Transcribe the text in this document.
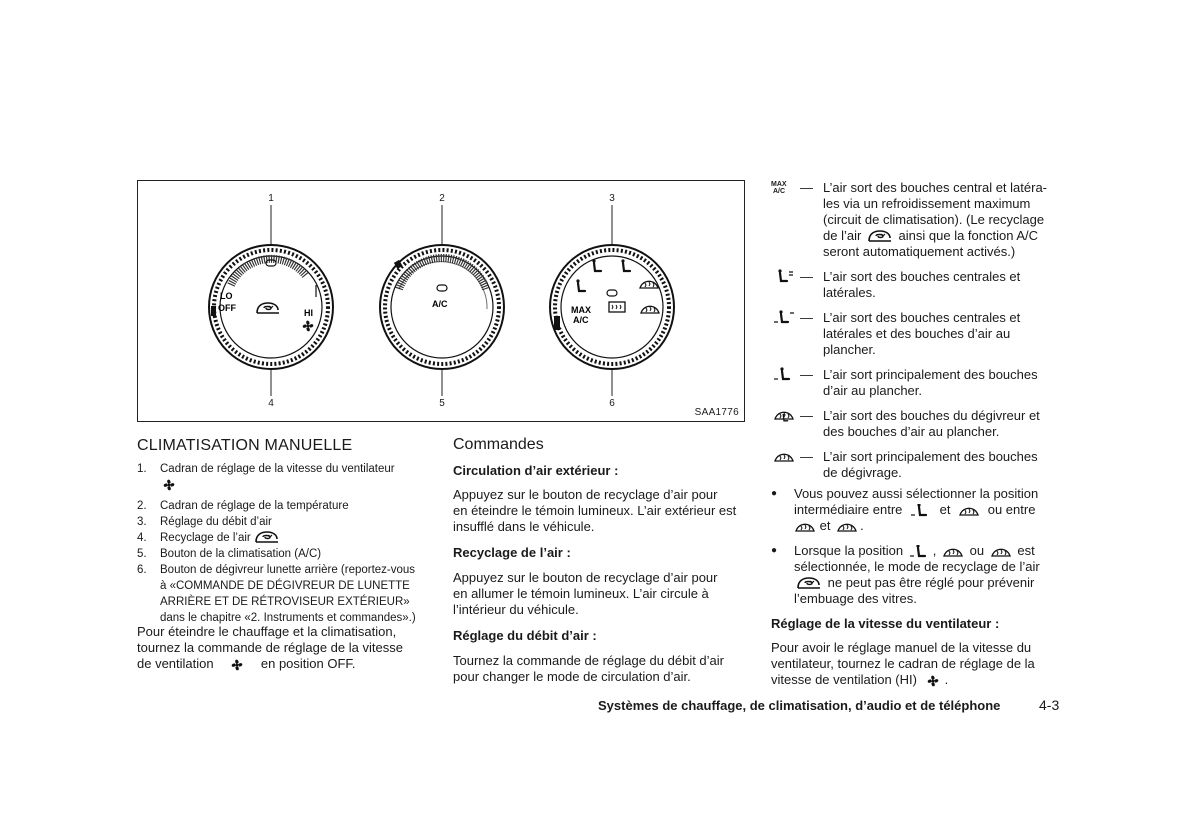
LO
OFF	HI
A/C
MAX
A/C
1	2	3
4	5	6
SAA1776
CLIMATISATION MANUELLE
1. Cadran de réglage de la vitesse du ventilateur

2. Cadran de réglage de la température
3. Réglage du débit d’air
4. Recyclage de l’air
5. Bouton de la climatisation (A/C)
6. Bouton de dégivreur lunette arrière (reportez-vous
à «COMMANDE DE DÉGIVREUR DE LUNETTE
ARRIÈRE ET DE RÉTROVISEUR EXTÉRIEUR»
dans le chapitre «2. Instruments et commandes».)
Pour éteindre le chauffage et la climatisation,
tournez la commande de réglage de la vitesse
de ventilation	en position OFF.
Commandes
Circulation d’air extérieur :
Appuyez sur le bouton de recyclage d’air pour
en éteindre le témoin lumineux. L’air extérieur est
insufflé dans le véhicule.
Recyclage de l’air :
Appuyez sur le bouton de recyclage d’air pour
en allumer le témoin lumineux. L’air circule à
l’intérieur du véhicule.
Réglage du débit d’air :
Tournez la commande de réglage du débit d’air
pour changer le mode de circulation d’air.
MAX
A/C	— L’air sort des bouches central et latéra-
les via un refroidissement maximum
(circuit de climatisation). (Le recyclage
de l’air	ainsi que la fonction A/C
seront automatiquement activés.)
— L’air sort des bouches centrales et
latérales.
— L’air sort des bouches centrales et
latérales et des bouches d’air au
plancher.
— L’air sort principalement des bouches
d’air au plancher.
— L’air sort des bouches du dégivreur et
des bouches d’air au plancher.
— L’air sort principalement des bouches
de dégivrage.
● Vous pouvez aussi sélectionner la position
intermédiaire entre	et	ou entre
et .
● Lorsque la position ,	ou	est
sélectionnée, le mode de recyclage de l’air
ne peut pas être réglé pour prévenir
l’embuage des vitres.
Réglage de la vitesse du ventilateur :
Pour avoir le réglage manuel de la vitesse du
ventilateur, tournez le cadran de réglage de la
vitesse de ventilation (HI) .
Systèmes de chauffage, de climatisation, d’audio et de téléphone	4-3
